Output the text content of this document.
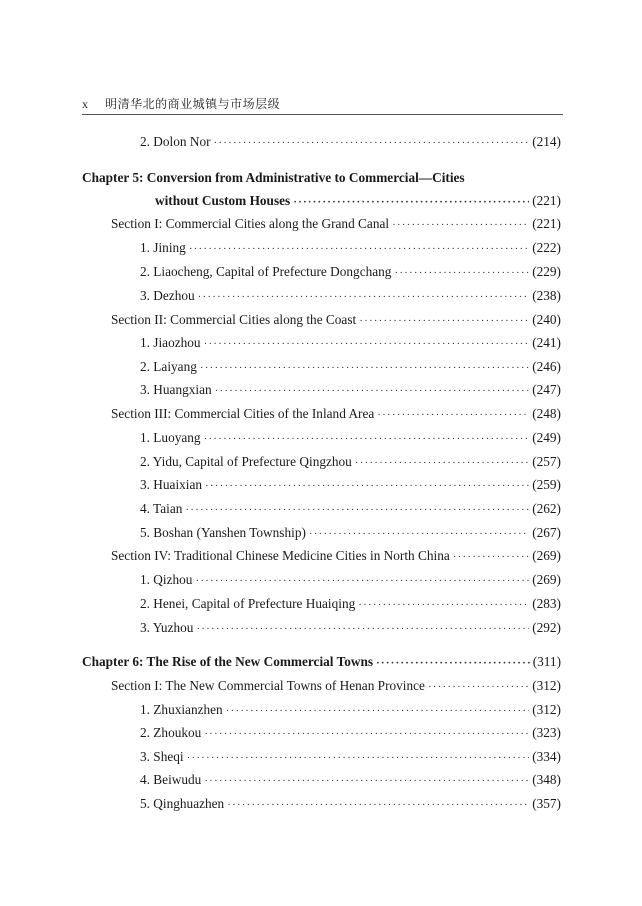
x 明清华北的商业城镇与市场层级
2. Dolon Nor ·····	(214)
Chapter 5: Conversion from Administrative to Commercial—Cities
without Custom Houses ·····	(221)
Section I: Commercial Cities along the Grand Canal ·····	(221)
1. Jining ·····	(222)
2. Liaocheng, Capital of Prefecture Dongchang ·····	(229)
3. Dezhou ·····	(238)
Section II: Commercial Cities along the Coast ·····	(240)
1. Jiaozhou ·····	(241)
2. Laiyang ·····	(246)
3. Huangxian ·····	(247)
Section III: Commercial Cities of the Inland Area ·····	(248)
1. Luoyang ·····	(249)
2. Yidu, Capital of Prefecture Qingzhou ·····	(257)
3. Huaixian ·····	(259)
4. Taian ·····	(262)
5. Boshan (Yanshen Township) ·····	(267)
Section IV: Traditional Chinese Medicine Cities in North China ·····	(269)
1. Qizhou ·····	(269)
2. Henei, Capital of Prefecture Huaiqing ·····	(283)
3. Yuzhou ·····	(292)
Chapter 6: The Rise of the New Commercial Towns ·····	(311)
Section I: The New Commercial Towns of Henan Province ·····	(312)
1. Zhuxianzhen ·····	(312)
2. Zhoukou ·····	(323)
3. Sheqi ·····	(334)
4. Beiwudu ·····	(348)
5. Qinghuazhen ·····	(357)
